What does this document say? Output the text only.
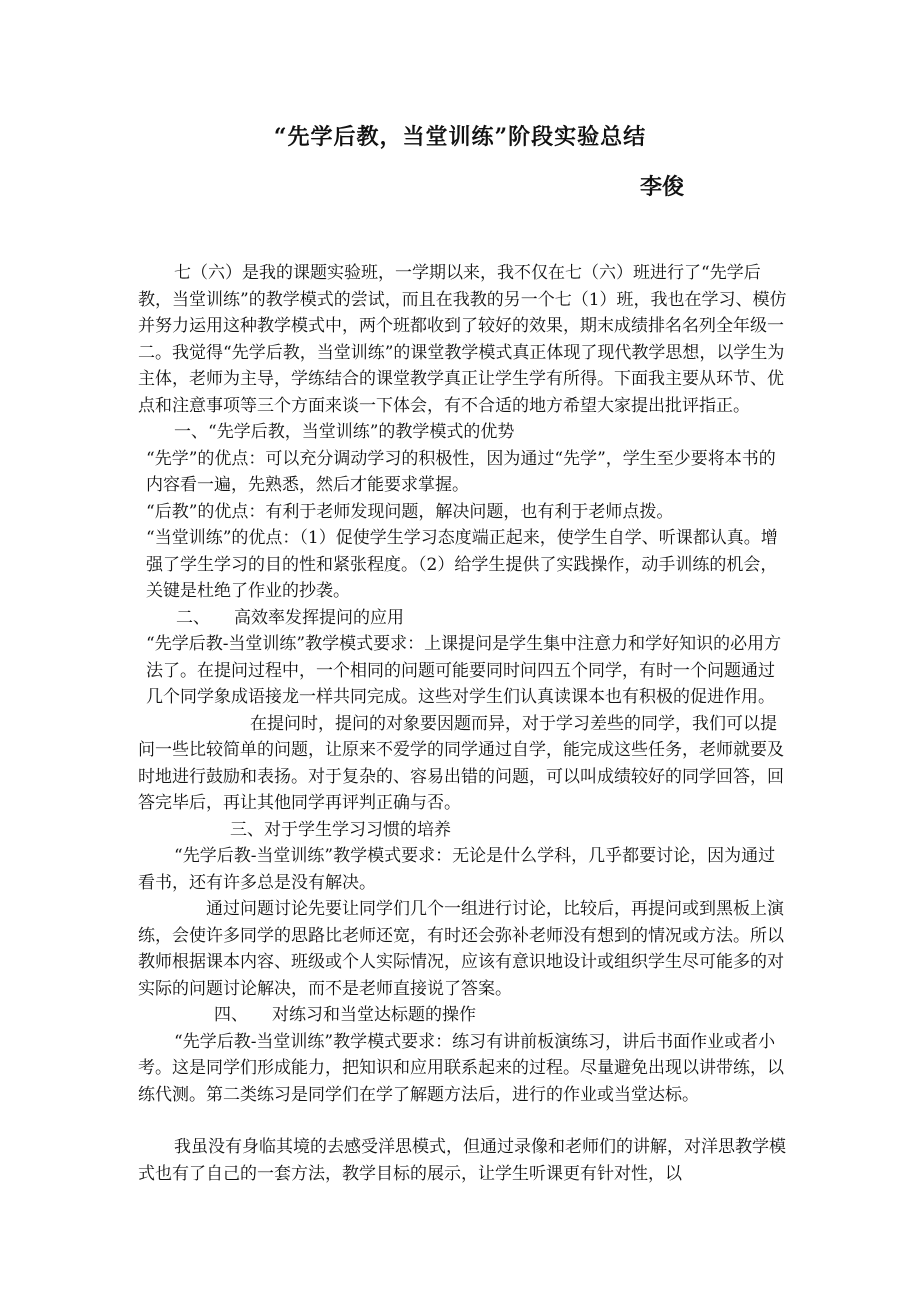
“先学后教，当堂训练”阶段实验总结
李俊

七（六）是我的课题实验班，一学期以来，我不仅在七（六）班进行了“先学后教，当堂训练”的教学模式的尝试，而且在我教的另一个七（1）班，我也在学习、模仿并努力运用这种教学模式中，两个班都收到了较好的效果，期末成绩排名名列全年级一二。我觉得“先学后教，当堂训练”的课堂教学模式真正体现了现代教学思想，以学生为主体，老师为主导，学练结合的课堂教学真正让学生学有所得。下面我主要从环节、优点和注意事项等三个方面来谈一下体会，有不合适的地方希望大家提出批评指正。

一、“先学后教，当堂训练”的教学模式的优势

“先学”的优点：可以充分调动学习的积极性，因为通过“先学”，学生至少要将本书的内容看一遍，先熟悉，然后才能要求掌握。

“后教”的优点：有利于老师发现问题，解决问题，也有利于老师点拨。

“当堂训练”的优点：（1）促使学生学习态度端正起来，使学生自学、听课都认真。增强了学生学习的目的性和紧张程度。（2）给学生提供了实践操作，动手训练的机会，关键是杜绝了作业的抄袭。

二、 高效率发挥提问的应用

“先学后教-当堂训练”教学模式要求：上课提问是学生集中注意力和学好知识的必用方法了。在提问过程中，一个相同的问题可能要同时问四五个同学，有时一个问题通过几个同学象成语接龙一样共同完成。这些对学生们认真读课本也有积极的促进作用。

在提问时，提问的对象要因题而异，对于学习差些的同学，我们可以提问一些比较简单的问题，让原来不爱学的同学通过自学，能完成这些任务，老师就要及时地进行鼓励和表扬。对于复杂的、容易出错的问题，可以叫成绩较好的同学回答，回答完毕后，再让其他同学再评判正确与否。

三、对于学生学习习惯的培养

“先学后教-当堂训练”教学模式要求：无论是什么学科，几乎都要讨论，因为通过看书，还有许多总是没有解决。

通过问题讨论先要让同学们几个一组进行讨论，比较后，再提问或到黑板上演练，会使许多同学的思路比老师还宽，有时还会弥补老师没有想到的情况或方法。所以教师根据课本内容、班级或个人实际情况，应该有意识地设计或组织学生尽可能多的对实际的问题讨论解决，而不是老师直接说了答案。

四、 对练习和当堂达标题的操作

“先学后教-当堂训练”教学模式要求：练习有讲前板演练习，讲后书面作业或者小考。这是同学们形成能力，把知识和应用联系起来的过程。尽量避免出现以讲带练，以练代测。第二类练习是同学们在学了解题方法后，进行的作业或当堂达标。

我虽没有身临其境的去感受洋思模式，但通过录像和老师们的讲解，对洋思教学模式也有了自己的一套方法，教学目标的展示，让学生听课更有针对性，以
